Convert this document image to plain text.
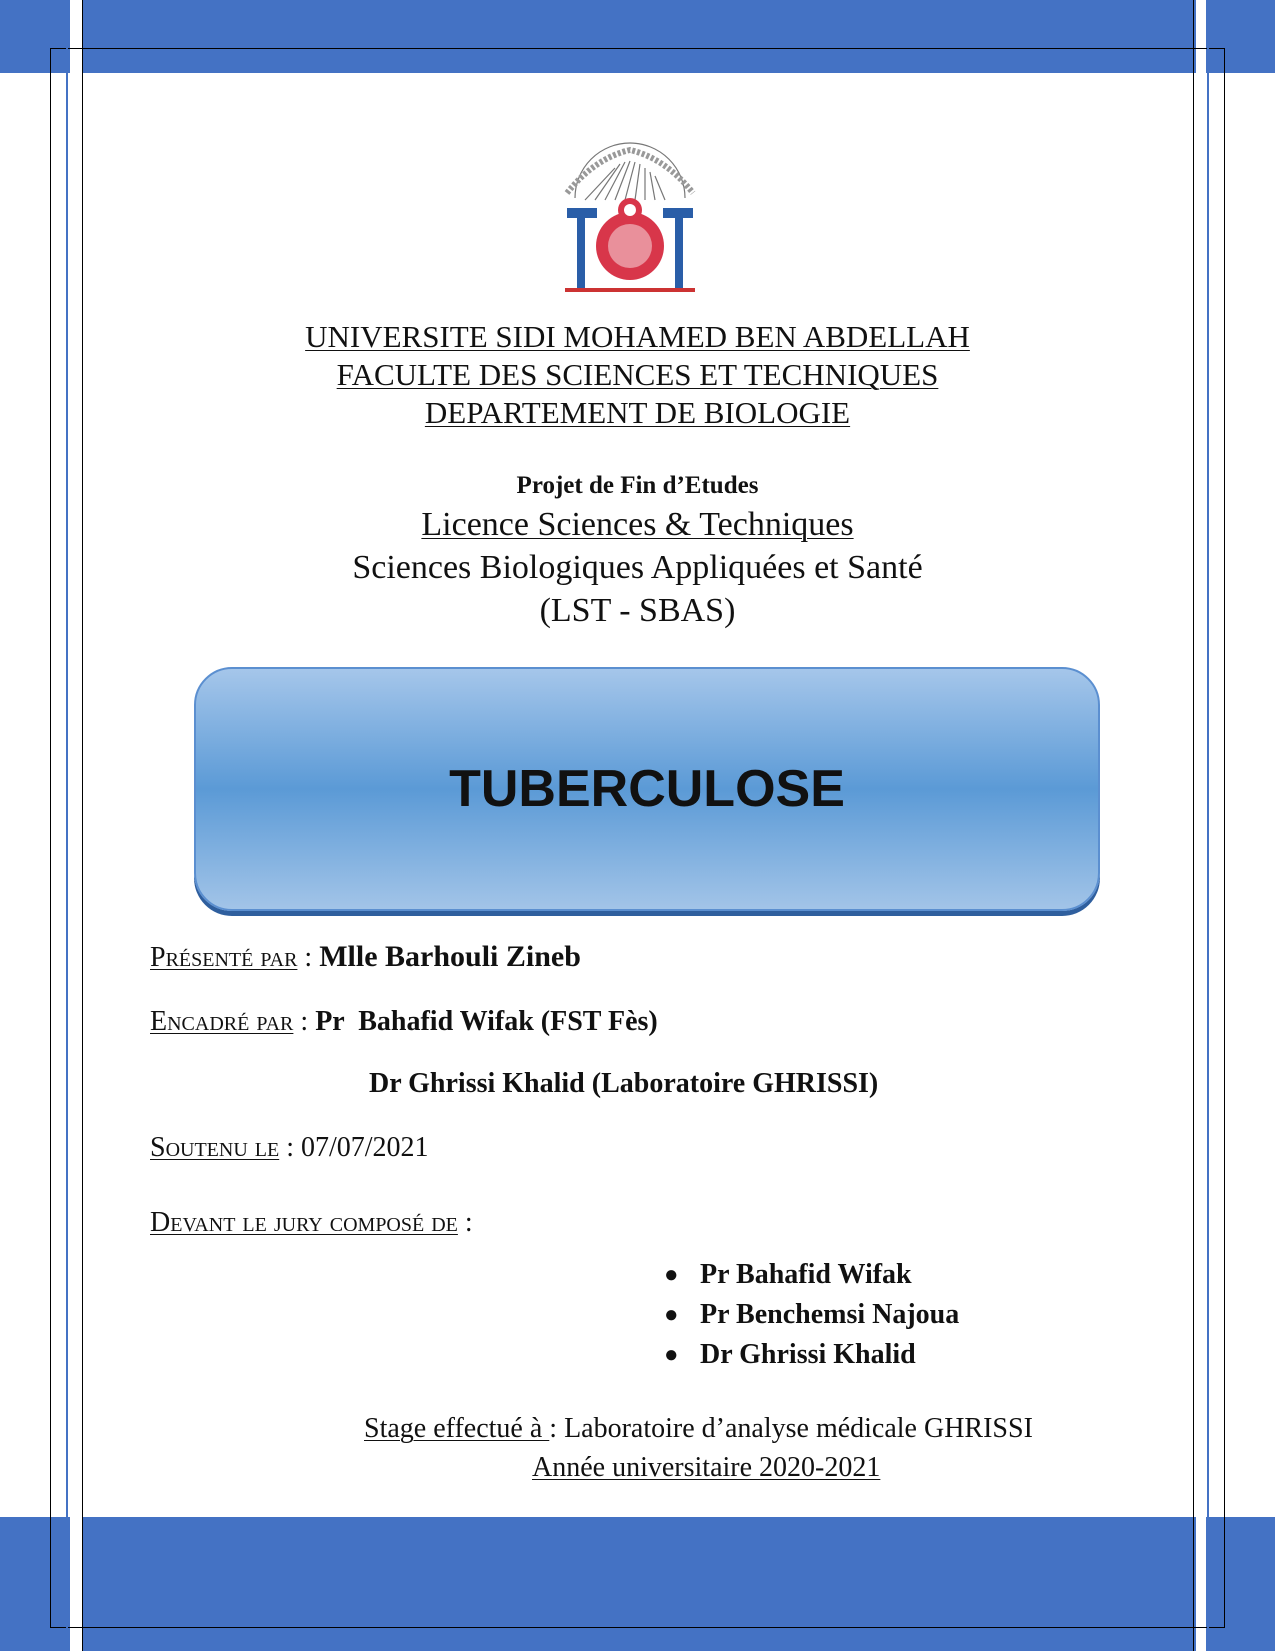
UNIVERSITE SIDI MOHAMED BEN ABDELLAH
FACULTE DES SCIENCES ET TECHNIQUES
DEPARTEMENT DE BIOLOGIE
Projet de Fin d’Etudes
Licence Sciences & Techniques
Sciences Biologiques Appliquées et Santé
(LST - SBAS)
TUBERCULOSE
Présenté par : Mlle Barhouli Zineb
Encadré par : Pr  Bahafid Wifak (FST Fès)
Dr Ghrissi Khalid (Laboratoire GHRISSI)
Soutenu le : 07/07/2021
Devant le jury composé de :
● Pr Bahafid Wifak
● Pr Benchemsi Najoua
● Dr Ghrissi Khalid
Stage effectué à : Laboratoire d’analyse médicale GHRISSI
Année universitaire 2020-2021
